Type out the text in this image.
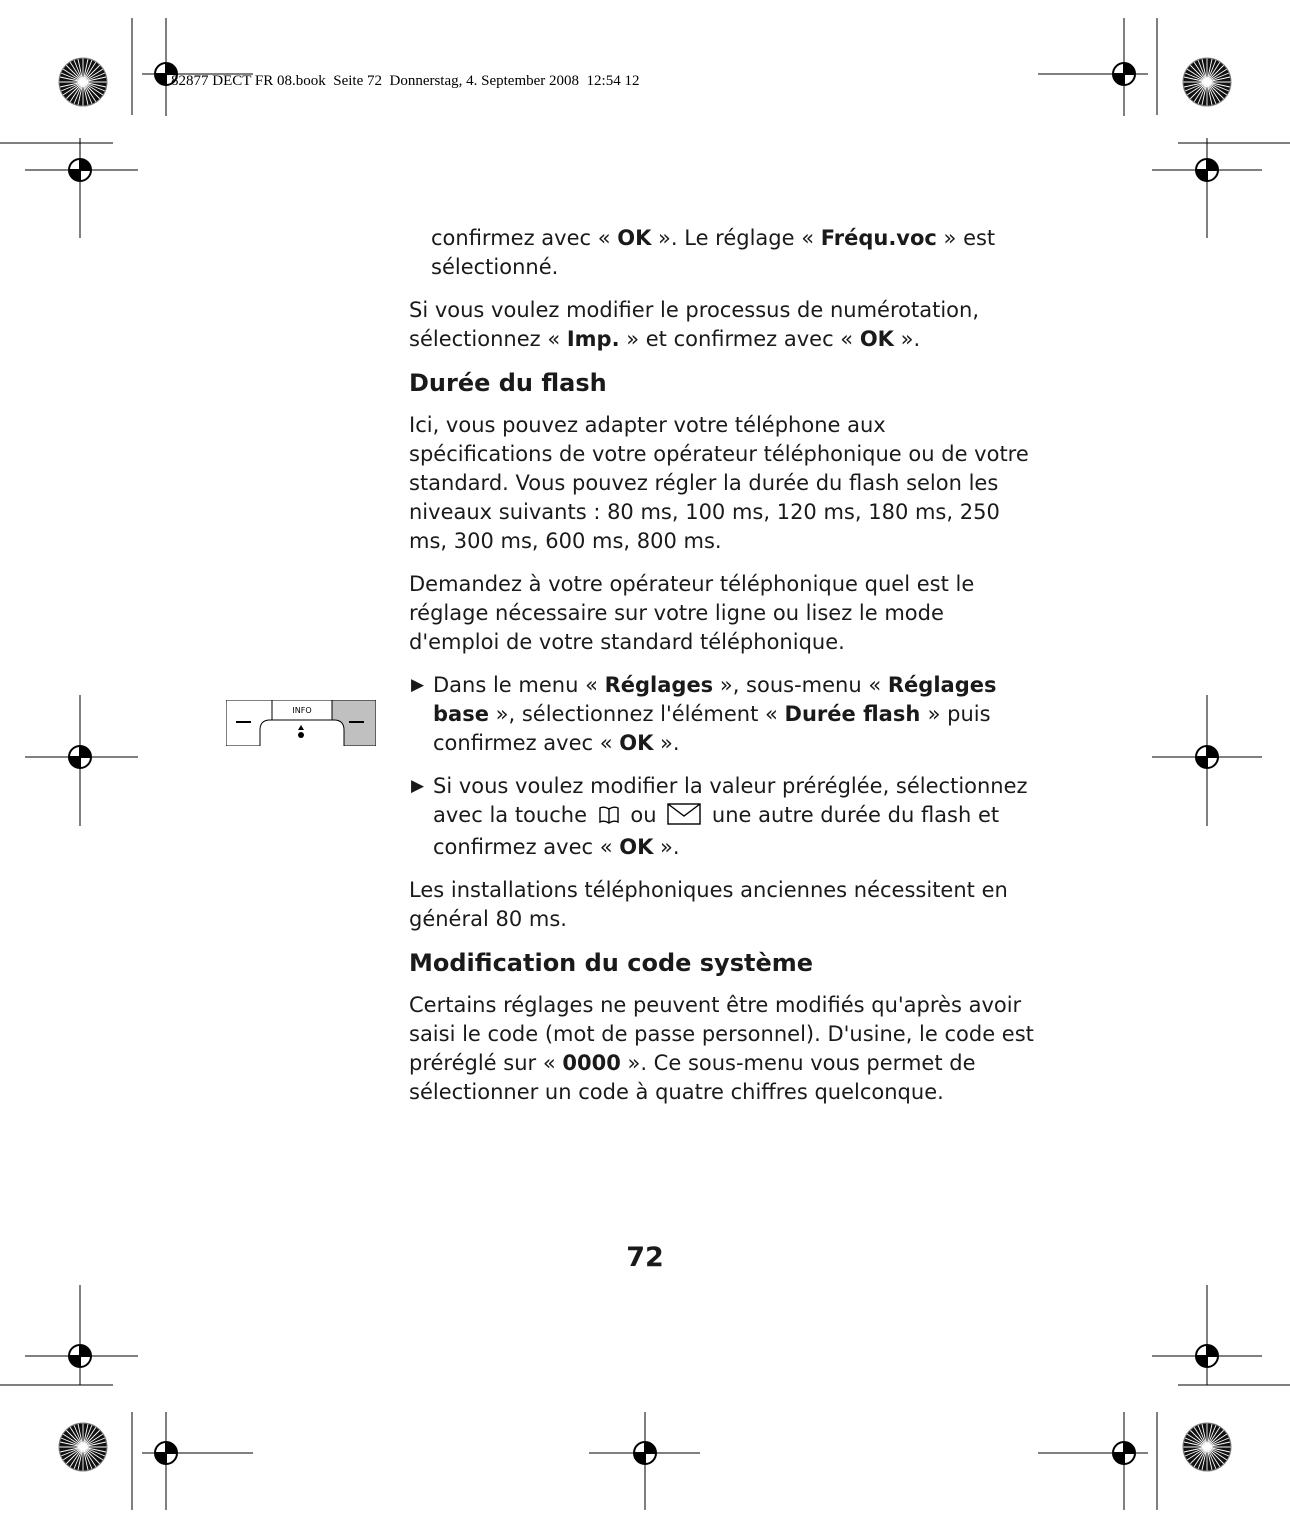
82877 DECT FR 08.book  Seite 72  Donnerstag, 4. September 2008  12:54 12
INFO

confirmez avec « OK ». Le réglage « Fréqu.voc » est sélectionné.

Si vous voulez modifier le processus de numérotation, sélectionnez « Imp. » et confirmez avec « OK ».

Durée du flash

Ici, vous pouvez adapter votre téléphone aux spécifications de votre opérateur téléphonique ou de votre standard. Vous pouvez régler la durée du flash selon les niveaux suivants : 80 ms, 100 ms, 120 ms, 180 ms, 250 ms, 300 ms, 600 ms, 800 ms.

Demandez à votre opérateur téléphonique quel est le réglage nécessaire sur votre ligne ou lisez le mode d'emploi de votre standard téléphonique.

▶ Dans le menu « Réglages », sous-menu « Réglages base », sélectionnez l'élément « Durée flash » puis confirmez avec « OK ».
▶ Si vous voulez modifier la valeur préréglée, sélectionnez avec la touche ou	une autre durée du flash et confirmez avec « OK ».

Les installations téléphoniques anciennes nécessitent en général 80 ms.

Modification du code système

Certains réglages ne peuvent être modifiés qu'après avoir saisi le code (mot de passe personnel). D'usine, le code est préréglé sur « 0000 ». Ce sous-menu vous permet de sélectionner un code à quatre chiffres quelconque.

72
